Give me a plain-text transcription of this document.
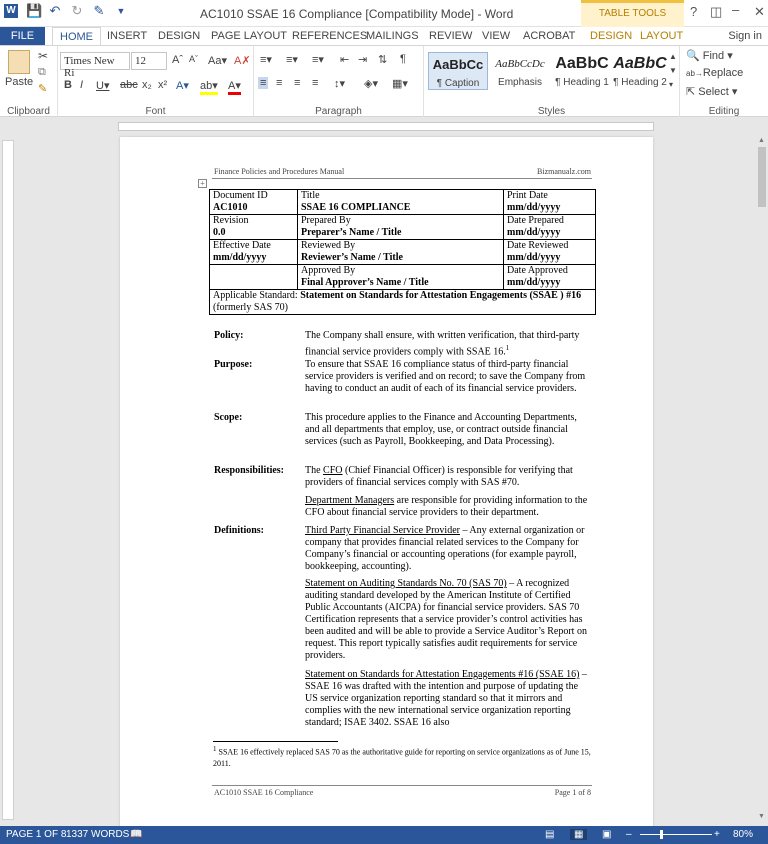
W 💾 ↶ ↻ ✎ ▼	AC1010 SSAE 16 Compliance [Compatibility Mode] - Word	TABLE TOOLS	? ◫ – ✕
FILE	HOME	INSERT DESIGN PAGE LAYOUT REFERENCES
MAILINGS REVIEW VIEW ACROBAT DESIGN LAYOUT	Sign in
Paste
✂
⧉
✎
Clipboard
Times New Ri
12	Aˆ Aˇ Aa▾ A✗
B I U▾ abc x₂ x² A▾ ab▾ A▾
Font
≡▾ ≡▾ ≡▾ ⇤ ⇥ ⇅ ¶
≡ ≡ ≡ ≡ ↕▾ ◈▾ ▦▾
Paragraph
AaBbCc
¶ Caption
AaBbCcDc
Emphasis
AaBbC
¶ Heading 1
AaBbC
¶ Heading 2
▲
▼
▾
Styles
🔍 Find ▾
ab→Replace
⇱ Select ▾
Editing
Finance Policies and Procedures Manual	Bizmanualz.com
+
Document ID
AC1010	Title
SSAE 16 COMPLIANCE	Print Date
mm/dd/yyyy
Revision
0.0	Prepared By
Preparer’s Name / Title	Date Prepared
mm/dd/yyyy
Effective Date
mm/dd/yyyy	Reviewed By
Reviewer’s Name / Title	Date Reviewed
mm/dd/yyyy
	Approved By
Final Approver’s Name / Title	Date Approved
mm/dd/yyyy
Applicable Standard: Statement on Standards for Attestation Engagements (SSAE ) #16 (formerly SAS 70)		
Policy:	The Company shall ensure, with written verification, that third-party financial service providers comply with SSAE 16.$^1$
Purpose:	To ensure that SSAE 16 compliance status of third-party financial service providers is verified and on record; to save the Company from having to conduct an audit of each of its financial service providers.
Scope:	This procedure applies to the Finance and Accounting Departments, and all departments that employ, use, or contract outside financial services (such as Payroll, Bookkeeping, and Data Processing).
Responsibilities: The CFO (Chief Financial Officer) is responsible for verifying that providers of financial services comply with SAS #70.
Department Managers are responsible for providing information to the CFO about financial service providers to their department.
Definitions:	Third Party Financial Service Provider – Any external organization or company that provides financial related services to the Company for Company’s financial or accounting operations (for example payroll, bookkeeping, accounting).
Statement on Auditing Standards No. 70 (SAS 70) – A recognized auditing standard developed by the American Institute of Certified Public Accountants (AICPA) for financial service providers. SAS 70 Certification represents that a service provider’s control activities has been audited and will be able to provide a Service Auditor’s Report on request. This report typically satisfies audit requirements for service providers.
Statement on Standards for Attestation Engagements #16 (SSAE 16) – SSAE 16 was drafted with the intention and purpose of updating the US service organization reporting standard so that it mirrors and complies with the new international service organization reporting standard; ISAE 3402. SSAE 16 also
$^1$ SSAE 16 effectively replaced SAS 70 as the authoritative guide for reporting on service organizations as of June 15, 2011.
AC1010 SSAE 16 Compliance	Page 1 of 8
▲
▼
PAGE 1 OF 8 1337 WORDS 📖	▤	▦	▣ –	+ 80%
